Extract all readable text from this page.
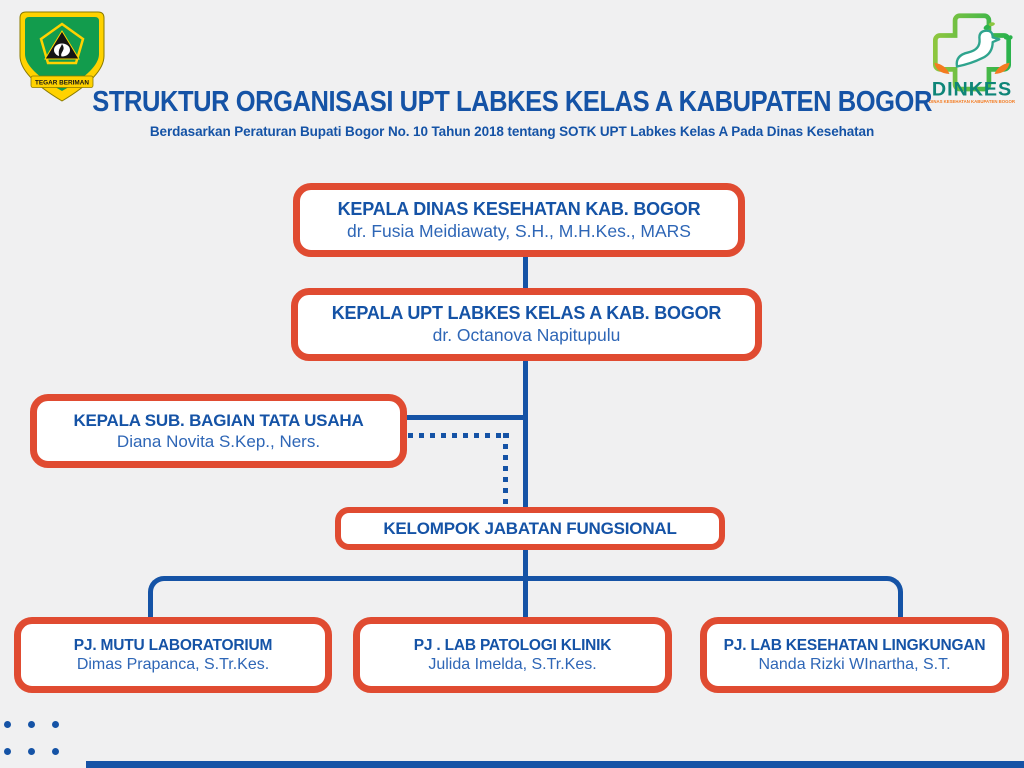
TEGAR BERIMAN	DINKES
DINAS KESEHATAN KABUPATEN BOGOR
STRUKTUR ORGANISASI UPT LABKES KELAS A KABUPATEN BOGOR
Berdasarkan Peraturan Bupati Bogor No. 10 Tahun 2018 tentang SOTK UPT Labkes Kelas A Pada Dinas Kesehatan
KEPALA DINAS KESEHATAN KAB. BOGOR
dr. Fusia Meidiawaty, S.H., M.H.Kes., MARS
KEPALA UPT LABKES KELAS A KAB. BOGOR
dr. Octanova Napitupulu
KEPALA SUB. BAGIAN TATA USAHA
Diana Novita S.Kep., Ners.
KELOMPOK JABATAN FUNGSIONAL
PJ. MUTU LABORATORIUM
Dimas Prapanca, S.Tr.Kes.
PJ . LAB PATOLOGI KLINIK
Julida Imelda, S.Tr.Kes.
PJ. LAB KESEHATAN LINGKUNGAN
Nanda Rizki WInartha, S.T.
